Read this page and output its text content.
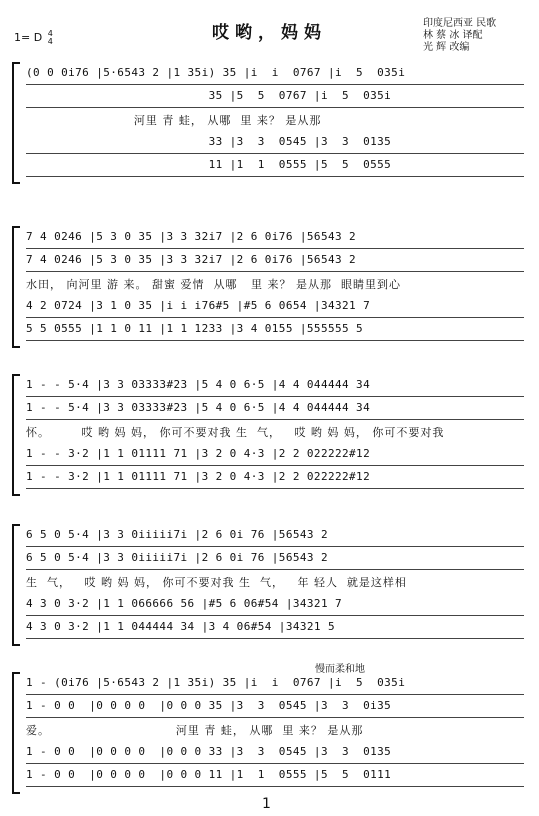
1= D 4
4	哎哟，妈妈	印度尼西亚 民歌
林 蔡 冰 译配
光 辉 改编
(0 0 0i76 |5·6543 2 |1 35i) 35 |i  i  0767 |i  5  035i
35 |5  5  0767 |i  5  035i
河里 青 蛙， 从哪  里 来？ 是从那
33 |3  3  0545 |3  3  0135
11 |1  1  0555 |5  5  0555
7 4 0246 |5 3 0 35 |3 3 32i7 |2 6 0i76 |56543 2
7 4 0246 |5 3 0 35 |3 3 32i7 |2 6 0i76 |56543 2
水田， 向河里 游 来。 甜蜜 爱情  从哪   里 来？ 是从那  眼睛里到心
4 2 0724 |3 1 0 35 |i i i76#5 |#5 6 0654 |34321 7
5 5 0555 |1 1 0 11 |1 1 1233 |3 4 0155 |555555 5
1 - - 5·4 |3 3 03333#23 |5 4 0 6·5 |4 4 044444 34
1 - - 5·4 |3 3 03333#23 |5 4 0 6·5 |4 4 044444 34
怀。       哎 哟 妈 妈， 你可不要对我 生  气，   哎 哟 妈 妈， 你可不要对我
1 - - 3·2 |1 1 01111 71 |3 2 0 4·3 |2 2 022222#12
1 - - 3·2 |1 1 01111 71 |3 2 0 4·3 |2 2 022222#12
6 5 0 5·4 |3 3 0iiiii7i |2 6 0i 76 |56543 2
6 5 0 5·4 |3 3 0iiiii7i |2 6 0i 76 |56543 2
生  气，   哎 哟 妈 妈， 你可不要对我 生  气，   年 轻人  就是这样相
4 3 0 3·2 |1 1 066666 56 |#5 6 06#54 |34321 7
4 3 0 3·2 |1 1 044444 34 |3 4 06#54 |34321 5
1 - (0i76 |5·6543 2 |1 35i) 35 |i  i  0767 |i  5  035i
1 - 0 0  |0 0 0 0  |0 0 0 35 |3  3  0545 |3  3  0i35
爱。                            河里 青 蛙， 从哪  里 来？ 是从那
1 - 0 0  |0 0 0 0  |0 0 0 33 |3  3  0545 |3  3  0135
1 - 0 0  |0 0 0 0  |0 0 0 11 |1  1  0555 |5  5  0111
慢而柔和地
1
